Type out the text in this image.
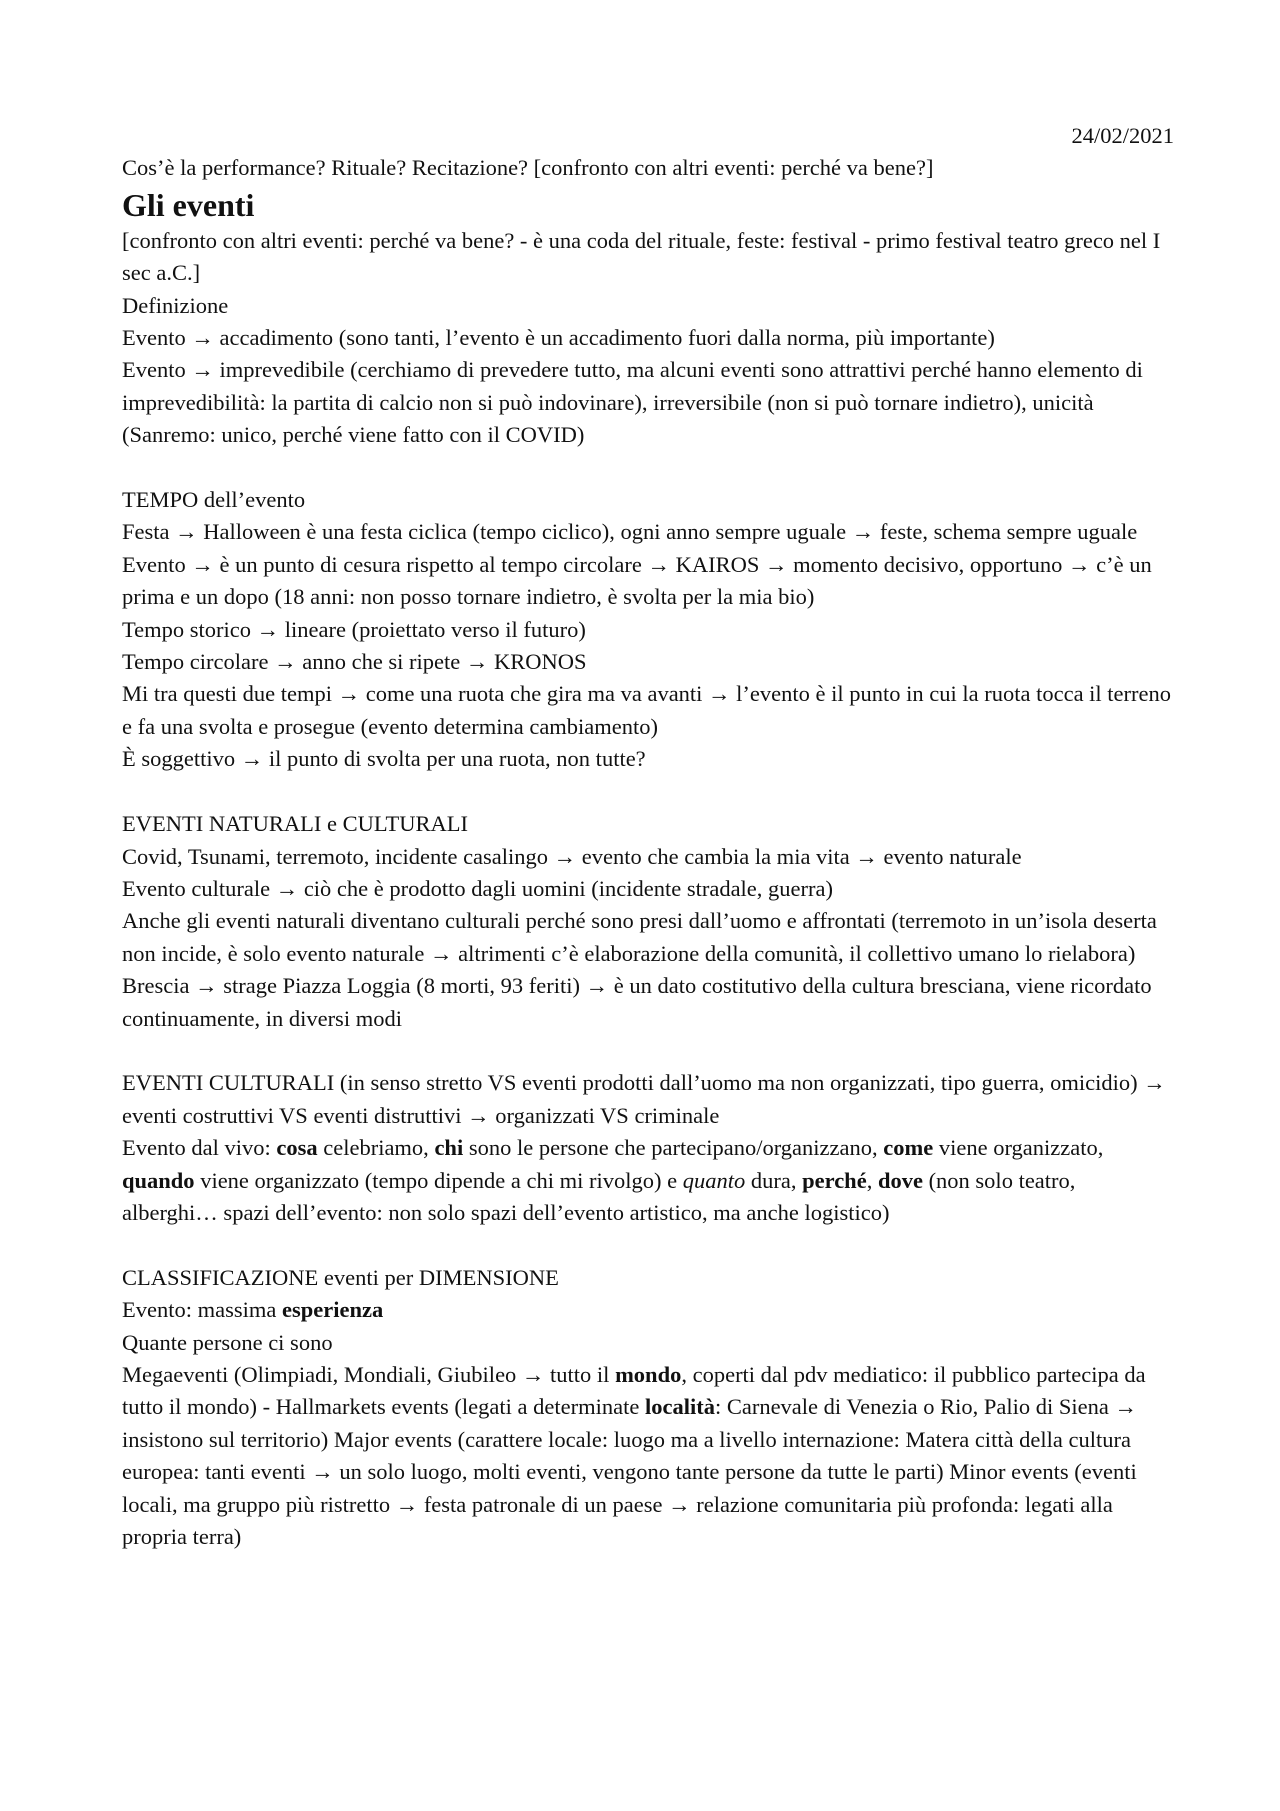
24/02/2021

Cos’è la performance? Rituale? Recitazione? [confronto con altri eventi: perché va bene?]

Gli eventi

[confronto con altri eventi: perché va bene? - è una coda del rituale, feste: festival - primo festival teatro greco nel I sec a.C.]

Definizione

Evento → accadimento (sono tanti, l’evento è un accadimento fuori dalla norma, più importante)

Evento → imprevedibile (cerchiamo di prevedere tutto, ma alcuni eventi sono attrattivi perché hanno elemento di imprevedibilità: la partita di calcio non si può indovinare), irreversibile (non si può tornare indietro), unicità (Sanremo: unico, perché viene fatto con il COVID)

TEMPO dell’evento

Festa → Halloween è una festa ciclica (tempo ciclico), ogni anno sempre uguale → feste, schema sempre uguale

Evento → è un punto di cesura rispetto al tempo circolare → KAIROS → momento decisivo, opportuno → c’è un prima e un dopo (18 anni: non posso tornare indietro, è svolta per la mia bio)

Tempo storico → lineare (proiettato verso il futuro)

Tempo circolare → anno che si ripete → KRONOS

Mi tra questi due tempi → come una ruota che gira ma va avanti → l’evento è il punto in cui la ruota tocca il terreno e fa una svolta e prosegue (evento determina cambiamento)

È soggettivo → il punto di svolta per una ruota, non tutte?

EVENTI NATURALI e CULTURALI

Covid, Tsunami, terremoto, incidente casalingo → evento che cambia la mia vita → evento naturale

Evento culturale → ciò che è prodotto dagli uomini (incidente stradale, guerra)

Anche gli eventi naturali diventano culturali perché sono presi dall’uomo e affrontati (terremoto in un’isola deserta non incide, è solo evento naturale → altrimenti c’è elaborazione della comunità, il collettivo umano lo rielabora)

Brescia → strage Piazza Loggia (8 morti, 93 feriti) → è un dato costitutivo della cultura bresciana, viene ricordato continuamente, in diversi modi

EVENTI CULTURALI (in senso stretto VS eventi prodotti dall’uomo ma non organizzati, tipo guerra, omicidio) → eventi costruttivi VS eventi distruttivi → organizzati VS criminale

Evento dal vivo: cosa celebriamo, chi sono le persone che partecipano/organizzano, come viene organizzato, quando viene organizzato (tempo dipende a chi mi rivolgo) e quanto dura, perché, dove (non solo teatro, alberghi… spazi dell’evento: non solo spazi dell’evento artistico, ma anche logistico)

CLASSIFICAZIONE eventi per DIMENSIONE

Evento: massima esperienza

Quante persone ci sono

Megaeventi (Olimpiadi, Mondiali, Giubileo → tutto il mondo, coperti dal pdv mediatico: il pubblico partecipa da tutto il mondo) - Hallmarkets events (legati a determinate località: Carnevale di Venezia o Rio, Palio di Siena → insistono sul territorio) Major events (carattere locale: luogo ma a livello internazione: Matera città della cultura europea: tanti eventi → un solo luogo, molti eventi, vengono tante persone da tutte le parti) Minor events (eventi locali, ma gruppo più ristretto → festa patronale di un paese → relazione comunitaria più profonda: legati alla propria terra)
